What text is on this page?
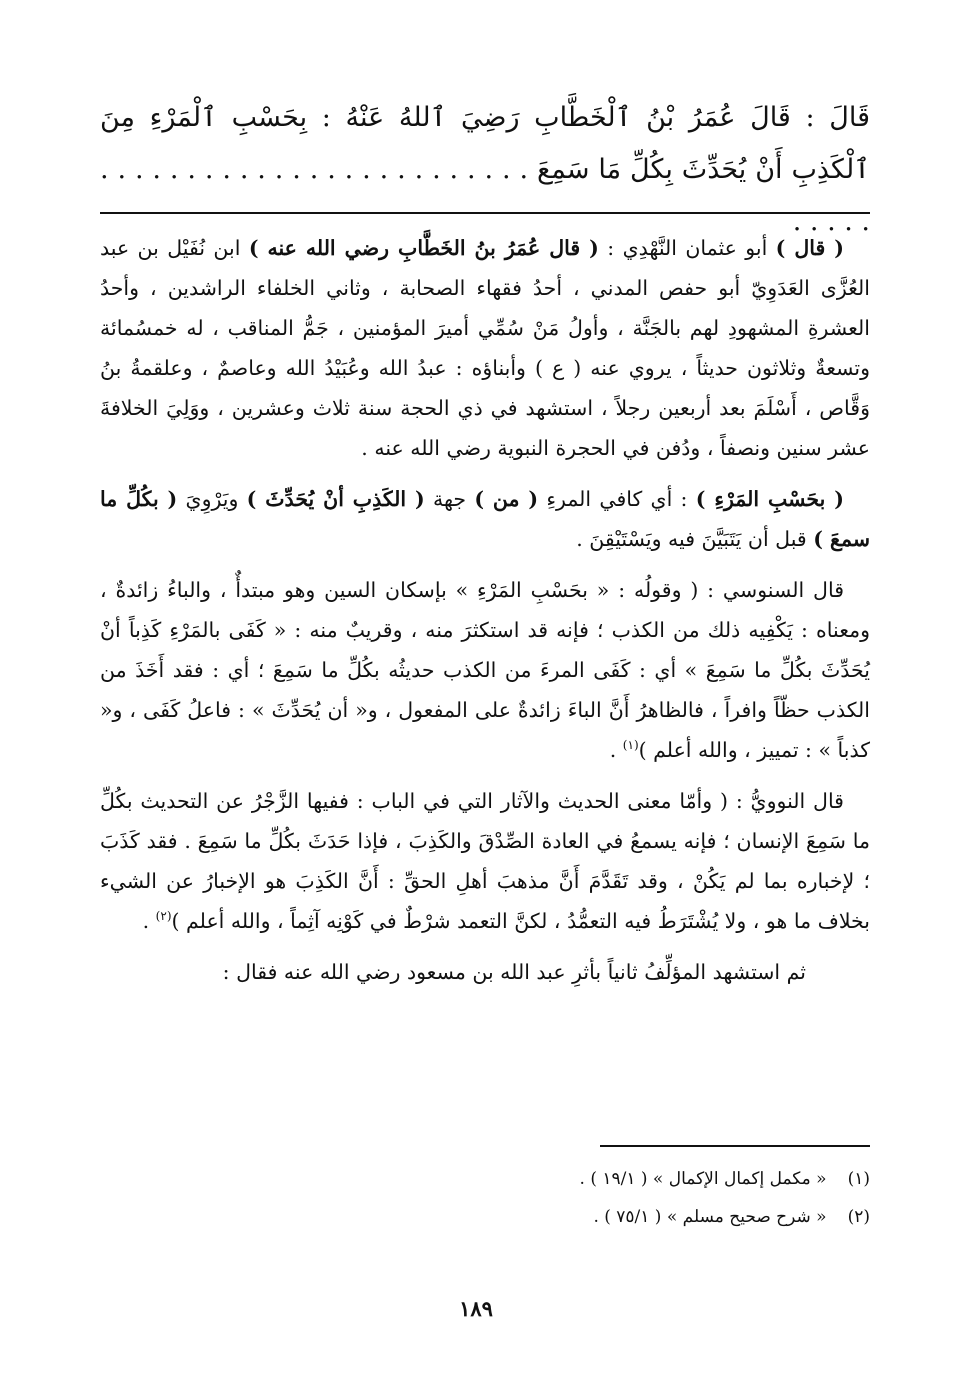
قَالَ : قَالَ عُمَرُ بْنُ ٱلْخَطَّابِ رَضِيَ ٱللهُ عَنْهُ : بِحَسْبِ ٱلْمَرْءِ مِنَ ٱلْكَذِبِ أَنْ يُحَدِّثَ بِكُلِّ مَا سَمِعَ . . . . . . . . . . . . . . . . . . . . . . . . . . . . . .

( قال ) أبو عثمان النَّهْدِي : ( قال عُمَرُ بنُ الخَطَّابِ رضي الله عنه ) ابن نُفَيْل بن عبد العُزَّى العَدَوِيّ أبو حفص المدني ، أحدُ فقهاء الصحابة ، وثاني الخلفاء الراشدين ، وأحدُ العشرةِ المشهودِ لهم بالجَنَّة ، وأولُ مَنْ سُمِّي أميرَ المؤمنين ، جَمُّ المناقب ، له خمسُمائة وتسعةٌ وثلاثون حديثاً ، يروي عنه ( ع ) وأبناؤه : عبدُ الله وعُبَيْدُ الله وعاصمٌ ، وعلقمةُ بنُ وَقَّاص ، أَسْلَمَ بعد أربعين رجلاً ، استشهد في ذي الحجة سنة ثلاث وعشرين ، ووَلِيَ الخلافةَ عشر سنين ونصفاً ، ودُفن في الحجرة النبوية رضي الله عنه .

( بحَسْبِ المَرْءِ ) : أي كافي المرءِ ( من ) جهة ( الكَذِبِ أنْ يُحَدِّثَ ) ويَرْوِيَ ( بكُلِّ ما سمعَ ) قبل أن يَتَبَيَّنَ فيه ويَسْتَيْقِنَ .

قال السنوسي : ( وقولُه : « بحَسْبِ المَرْءِ » بإسكان السين وهو مبتدأٌ ، والباءُ زائدةٌ ، ومعناه : يَكْفِيه ذلك من الكذب ؛ فإنه قد استكثرَ منه ، وقريبٌ منه : « كَفَى بالمَرْءِ كَذِباً أنْ يُحَدِّثَ بكُلِّ ما سَمِعَ » أي : كَفَى المرءَ من الكذب حديثُه بكُلِّ ما سَمِعَ ؛ أي : فقد أَخَذَ من الكذب حظّاً وافراً ، فالظاهرُ أَنَّ الباءَ زائدةٌ على المفعول ، و« أن يُحَدِّثَ » : فاعلُ كَفَى ، و« كذباً » : تمييز ، والله أعلم )$^{(١)}$ .

قال النوويُّ : ( وأمّا معنى الحديث والآثار التي في الباب : ففيها الزَّجْرُ عن التحديث بكُلِّ ما سَمِعَ الإنسان ؛ فإنه يسمعُ في العادة الصِّدْقَ والكَذِبَ ، فإذا حَدَثَ بكُلِّ ما سَمِعَ . فقد كَذَبَ ؛ لإخباره بما لم يَكُنْ ، وقد تَقَدَّمَ أَنَّ مذهبَ أهلِ الحقِّ : أَنَّ الكَذِبَ هو الإخبارُ عن الشيء بخلاف ما هو ، ولا يُشْتَرَطُ فيه التعمُّدُ ، لكنَّ التعمد شرْطٌ في كَوْنِه آثِماً ، والله أعلم )$^{(٢)}$ .

ثم استشهد المؤلِّفُ ثانياً بأثرِ عبد الله بن مسعود رضي الله عنه فقال :

(١) « مكمل إكمال الإكمال » ( ١٩/١ ) .
(٢) « شرح صحيح مسلم » ( ٧٥/١ ) .
١٨٩
